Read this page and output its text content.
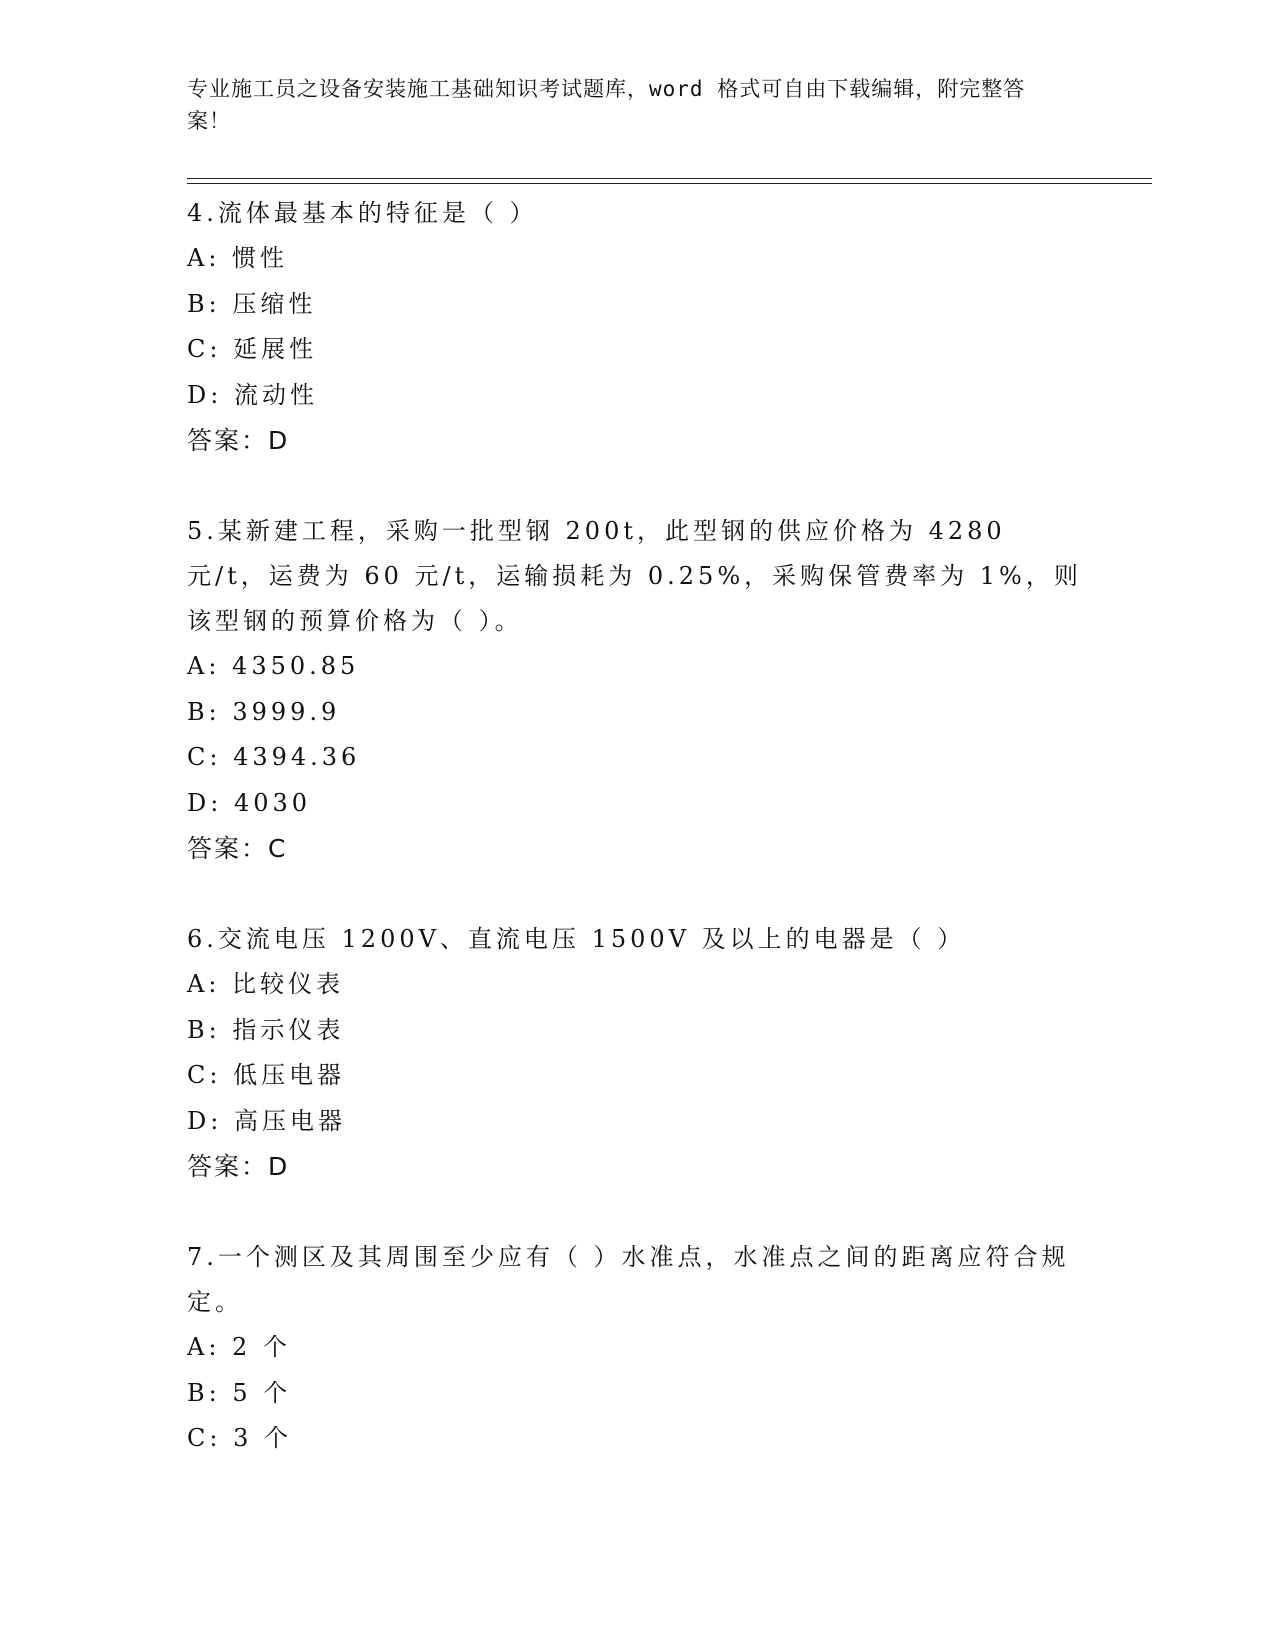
专业施工员之设备安装施工基础知识考试题库，word 格式可自由下载编辑，附完整答案！
4.流体最基本的特征是（ ）
A: 惯性
B: 压缩性
C: 延展性
D: 流动性
答案：D
5.某新建工程，采购一批型钢 200t，此型钢的供应价格为 4280 元/t，运费为 60 元/t，运输损耗为 0.25%，采购保管费率为 1%，则该型钢的预算价格为（ ）。
A: 4350.85
B: 3999.9
C: 4394.36
D: 4030
答案：C
6.交流电压 1200V、直流电压 1500V 及以上的电器是（ ）
A: 比较仪表
B: 指示仪表
C: 低压电器
D: 高压电器
答案：D
7.一个测区及其周围至少应有（ ）水准点，水准点之间的距离应符合规定。
A: 2 个
B: 5 个
C: 3 个
